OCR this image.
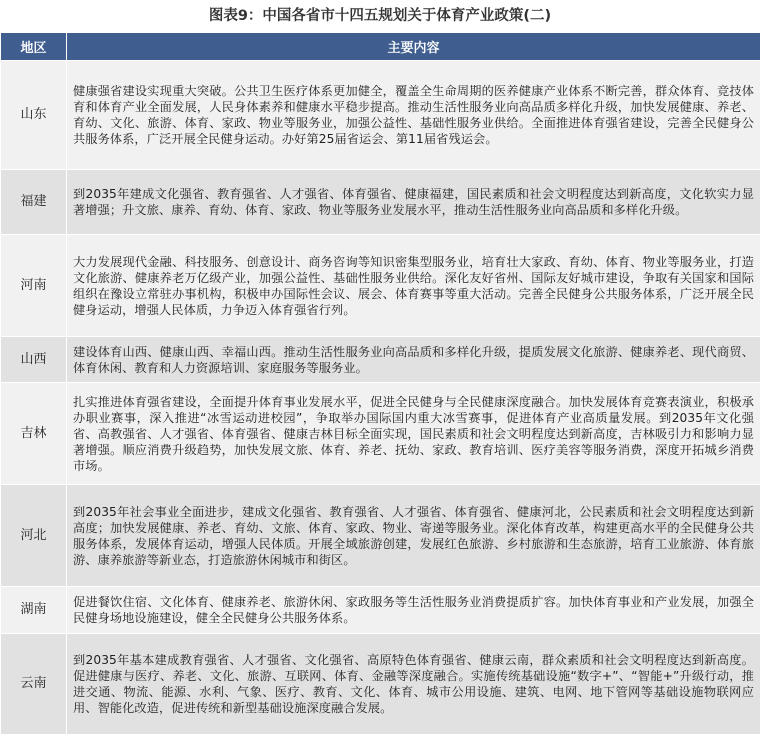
图表9：中国各省市十四五规划关于体育产业政策(二)
地区	主要内容
山东	健康强省建设实现重大突破。公共卫生医疗体系更加健全，覆盖全生命周期的医养健康产业体系不断完善，群众体育、竞技体育和体育产业全面发展，人民身体素养和健康水平稳步提高。推动生活性服务业向高品质多样化升级，加快发展健康、养老、育幼、文化、旅游、体育、家政、物业等服务业，加强公益性、基础性服务业供给。全面推进体育强省建设，完善全民健身公共服务体系，广泛开展全民健身运动。办好第25届省运会、第11届省残运会。
福建	到2035年建成文化强省、教育强省、人才强省、体育强省、健康福建，国民素质和社会文明程度达到新高度，文化软实力显著增强；升文旅、康养、育幼、体育、家政、物业等服务业发展水平，推动生活性服务业向高品质和多样化升级。
河南	大力发展现代金融、科技服务、创意设计、商务咨询等知识密集型服务业，培育壮大家政、育幼、体育、物业等服务业，打造文化旅游、健康养老万亿级产业，加强公益性、基础性服务业供给。深化友好省州、国际友好城市建设，争取有关国家和国际组织在豫设立常驻办事机构，积极申办国际性会议、展会、体育赛事等重大活动。完善全民健身公共服务体系，广泛开展全民健身运动，增强人民体质，力争迈入体育强省行列。
山西	建设体育山西、健康山西、幸福山西。推动生活性服务业向高品质和多样化升级，提质发展文化旅游、健康养老、现代商贸、体育休闲、教育和人力资源培训、家庭服务等服务业。
吉林	扎实推进体育强省建设，全面提升体育事业发展水平，促进全民健身与全民健康深度融合。加快发展体育竞赛表演业，积极承办职业赛事，深入推进“冰雪运动进校园”，争取举办国际国内重大冰雪赛事，促进体育产业高质量发展。到2035年文化强省、高教强省、人才强省、体育强省、健康吉林目标全面实现，国民素质和社会文明程度达到新高度，吉林吸引力和影响力显著增强。顺应消费升级趋势，加快发展文旅、体育、养老、抚幼、家政、教育培训、医疗美容等服务消费，深度开拓城乡消费市场。
河北	到2035年社会事业全面进步，建成文化强省、教育强省、人才强省、体育强省、健康河北，公民素质和社会文明程度达到新高度；加快发展健康、养老、育幼、文旅、体育、家政、物业、寄递等服务业。深化体育改革，构建更高水平的全民健身公共服务体系，发展体育运动，增强人民体质。开展全域旅游创建，发展红色旅游、乡村旅游和生态旅游，培育工业旅游、体育旅游、康养旅游等新业态，打造旅游休闲城市和街区。
湖南	促进餐饮住宿、文化体育、健康养老、旅游休闲、家政服务等生活性服务业消费提质扩容。加快体育事业和产业发展，加强全民健身场地设施建设，健全全民健身公共服务体系。
云南	到2035年基本建成教育强省、人才强省、文化强省、高原特色体育强省、健康云南，群众素质和社会文明程度达到新高度。促进健康与医疗、养老、文化、旅游、互联网、体育、金融等深度融合。实施传统基础设施“数字+”、“智能+”升级行动，推进交通、物流、能源、水利、气象、医疗、教育、文化、体育、城市公用设施、建筑、电网、地下管网等基础设施物联网应用、智能化改造，促进传统和新型基础设施深度融合发展。
